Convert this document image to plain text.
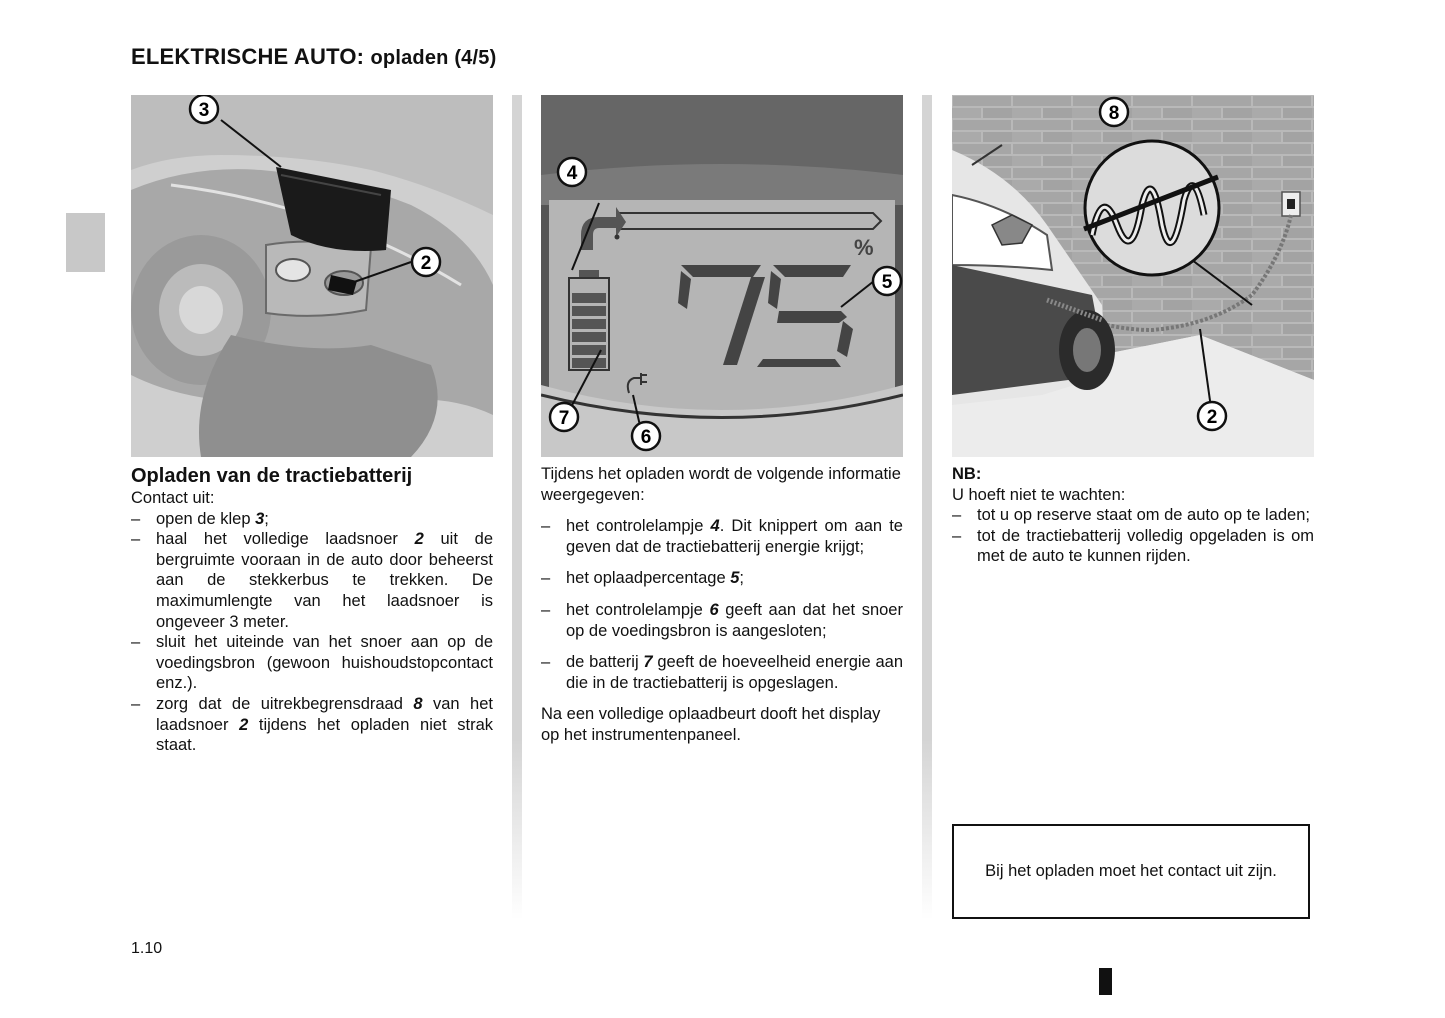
ELEKTRISCHE AUTO: opladen (4/5)
3
2
%
4
5
7
6
8
2

Opladen van de tractiebatterij

Contact uit:

– open de klep 3;
– haal het volledige laadsnoer 2 uit de bergruimte vooraan in de auto door beheerst aan de stekkerbus te trekken. De maximumlengte van het laadsnoer is ongeveer 3 meter.
– sluit het uiteinde van het snoer aan op de voedingsbron (gewoon huishoudstopcontact enz.).
– zorg dat de uitrekbegrensdraad 8 van het laadsnoer 2 tijdens het opladen niet strak staat.

Tijdens het opladen wordt de volgende informatie weergegeven:

– het controlelampje 4. Dit knippert om aan te geven dat de tractiebatterij energie krijgt;
– het oplaadpercentage 5;
– het controlelampje 6 geeft aan dat het snoer op de voedingsbron is aangesloten;
– de batterij 7 geeft de hoeveelheid energie aan die in de tractiebatterij is opgeslagen.

Na een volledige oplaadbeurt dooft het display op het instrumentenpaneel.

NB:

U hoeft niet te wachten:

– tot u op reserve staat om de auto op te laden;
– tot de tractiebatterij volledig opgeladen is om met de auto te kunnen rijden.
Bij het opladen moet het contact uit zijn.
1.10
